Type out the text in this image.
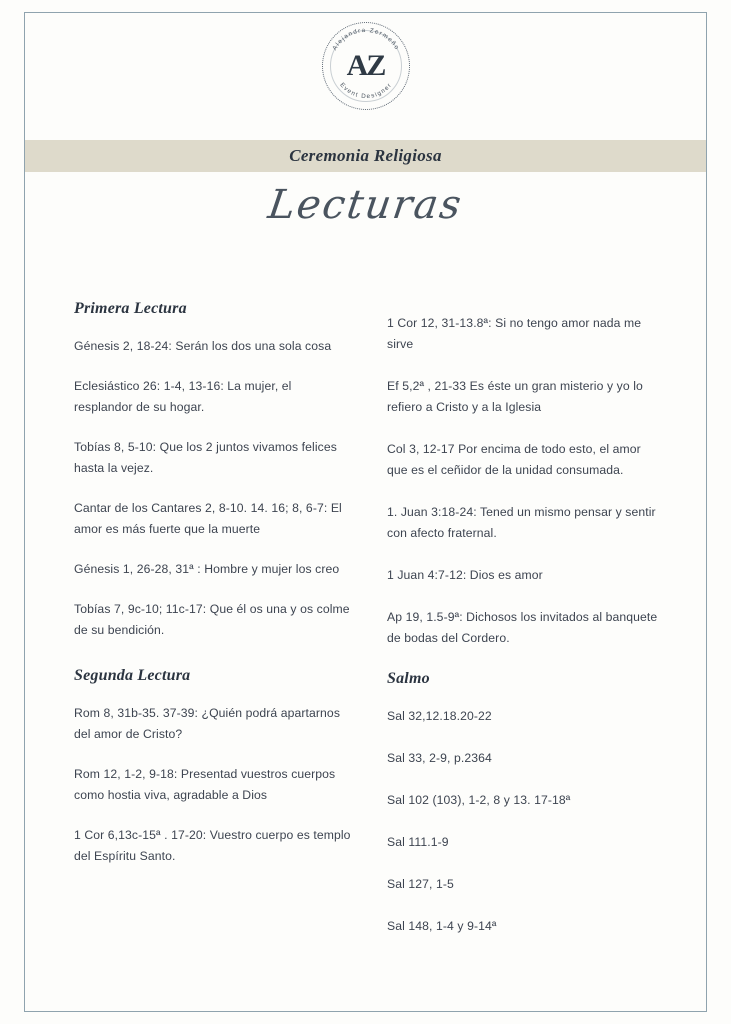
Alejandra Zermeño
Event Designer
AZ
Ceremonia Religiosa
Lecturas
Primera Lectura

Génesis 2, 18-24: Serán los dos una sola cosa

Eclesiástico 26: 1-4, 13-16: La mujer, el resplandor de su hogar.

Tobías 8, 5-10: Que los 2 juntos vivamos felices hasta la vejez.

Cantar de los Cantares 2, 8-10. 14. 16; 8, 6-7: El amor es más fuerte que la muerte

Génesis 1, 26-28, 31ª : Hombre y mujer los creo

Tobías 7, 9c-10; 11c-17: Que él os una y os colme de su bendición.

Segunda Lectura

Rom 8, 31b-35. 37-39: ¿Quién podrá apartarnos del amor de Cristo?

Rom 12, 1-2, 9-18: Presentad vuestros cuerpos como hostia viva, agradable a Dios

1 Cor 6,13c-15ª . 17-20: Vuestro cuerpo es templo del Espíritu Santo.

1 Cor 12, 31-13.8ª: Si no tengo amor nada me sirve

Ef 5,2ª , 21-33 Es éste un gran misterio y yo lo refiero a Cristo y a la Iglesia

Col 3, 12-17 Por encima de todo esto, el amor que es el ceñidor de la unidad consumada.

1. Juan 3:18-24: Tened un mismo pensar y sentir con afecto fraternal.

1 Juan 4:7-12: Dios es amor

Ap 19, 1.5-9ª: Dichosos los invitados al banquete de bodas del Cordero.

Salmo

Sal 32,12.18.20-22

Sal 33, 2-9, p.2364

Sal 102 (103), 1-2, 8 y 13. 17-18ª

Sal 111.1-9

Sal 127, 1-5

Sal 148, 1-4 y 9-14ª
